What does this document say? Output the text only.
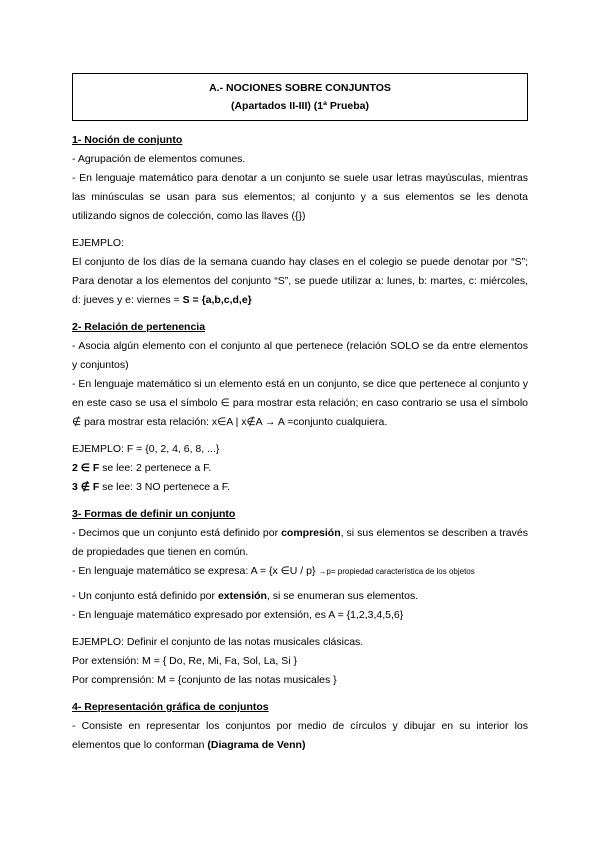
A.- NOCIONES SOBRE CONJUNTOS
(Apartados II-III) (1ª Prueba)
1- Noción de conjunto
- Agrupación de elementos comunes.
- En lenguaje matemático para denotar a un conjunto se suele usar letras mayúsculas, mientras las minúsculas se usan para sus elementos; al conjunto y a sus elementos se les denota utilizando signos de colección, como las llaves ({})
EJEMPLO:
El conjunto de los días de la semana cuando hay clases en el colegio se puede denotar por “S”; Para denotar a los elementos del conjunto “S”, se puede utilizar a: lunes, b: martes, c: miércoles, d: jueves y e: viernes = S = {a,b,c,d,e}
2- Relación de pertenencia
- Asocia algún elemento con el conjunto al que pertenece (relación SOLO se da entre elementos y conjuntos)
- En lenguaje matemático si un elemento está en un conjunto, se dice que pertenece al conjunto y en este caso se usa el símbolo ∈ para mostrar esta relación; en caso contrario se usa el símbolo ∉ para mostrar esta relación: x∈A | x∉A → A =conjunto cualquiera.
EJEMPLO: F = {0, 2, 4, 6, 8, ...}
2 ∈ F se lee: 2 pertenece a F.
3 ∉ F se lee: 3 NO pertenece a F.
3- Formas de definir un conjunto
- Decimos que un conjunto está definido por compresión, si sus elementos se describen a través de propiedades que tienen en común.
- En lenguaje matemático se expresa: A = {x ∈U / p} →p= propiedad característica de los objetos
- Un conjunto está definido por extensión, si se enumeran sus elementos.
- En lenguaje matemático expresado por extensión, es A = {1,2,3,4,5,6}
EJEMPLO: Definir el conjunto de las notas musicales clásicas.
Por extensión: M = { Do, Re, Mi, Fa, Sol, La, Si }
Por comprensión: M = {conjunto de las notas musicales }
4- Representación gráfica de conjuntos
- Consiste en representar los conjuntos por medio de círculos y dibujar en su interior los elementos que lo conforman (Diagrama de Venn)
